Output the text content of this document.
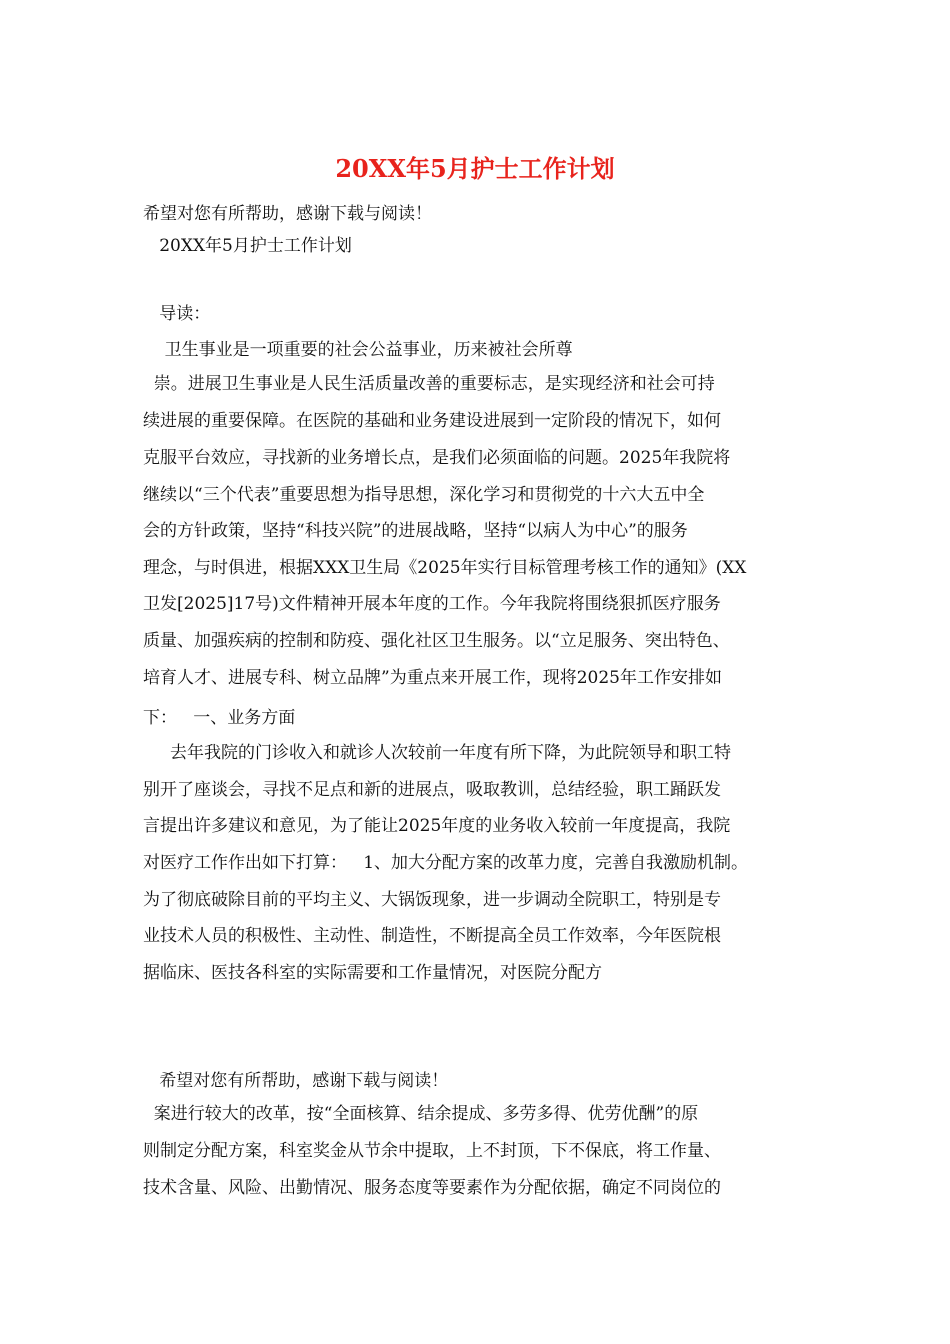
20XX年5月护士工作计划
希望对您有所帮助，感谢下载与阅读！
20XX年5月护士工作计划
导读：
卫生事业是一项重要的社会公益事业，历来被社会所尊
崇。进展卫生事业是人民生活质量改善的重要标志，是实现经济和社会可持
续进展的重要保障。在医院的基础和业务建设进展到一定阶段的情况下，如何
克服平台效应，寻找新的业务增长点，是我们必须面临的问题。2025年我院将
继续以“三个代表”重要思想为指导思想，深化学习和贯彻党的十六大五中全
会的方针政策，坚持“科技兴院”的进展战略，坚持“以病人为中心”的服务
理念，与时俱进，根据XXX卫生局《2025年实行目标管理考核工作的通知》(XX
卫发[2025]17号)文件精神开展本年度的工作。今年我院将围绕狠抓医疗服务
质量、加强疾病的控制和防疫、强化社区卫生服务。以“立足服务、突出特色、
培育人才、进展专科、树立品牌”为重点来开展工作，现将2025年工作安排如
下：   一、业务方面
去年我院的门诊收入和就诊人次较前一年度有所下降，为此院领导和职工特
别开了座谈会，寻找不足点和新的进展点，吸取教训，总结经验，职工踊跃发
言提出许多建议和意见，为了能让2025年度的业务收入较前一年度提高，我院
对医疗工作作出如下打算：   1、加大分配方案的改革力度，完善自我激励机制。
为了彻底破除目前的平均主义、大锅饭现象，进一步调动全院职工，特别是专
业技术人员的积极性、主动性、制造性，不断提高全员工作效率，今年医院根
据临床、医技各科室的实际需要和工作量情况，对医院分配方
希望对您有所帮助，感谢下载与阅读！
案进行较大的改革，按“全面核算、结余提成、多劳多得、优劳优酬”的原
则制定分配方案，科室奖金从节余中提取，上不封顶，下不保底，将工作量、
技术含量、风险、出勤情况、服务态度等要素作为分配依据，确定不同岗位的
